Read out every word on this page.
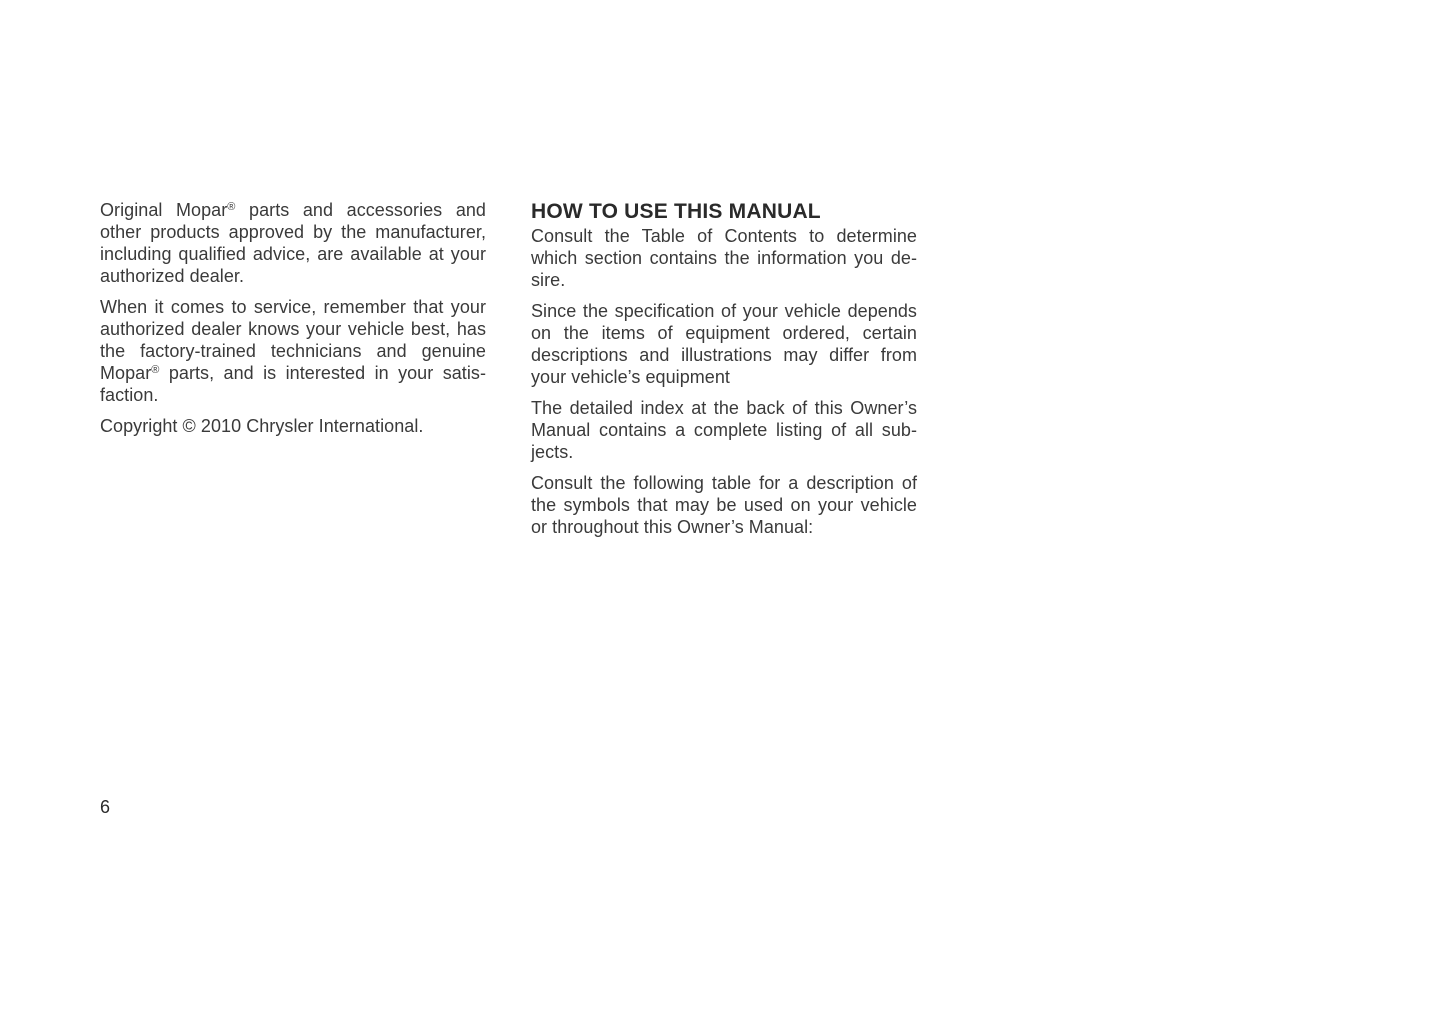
Original Mopar® parts and accessories and other products approved by the manufacturer, including qualified advice, are available at your authorized dealer.

When it comes to service, remember that your authorized dealer knows your vehicle best, has the factory-trained technicians and genuine Mopar® parts, and is interested in your satis-faction.

Copyright © 2010 Chrysler International.

HOW TO USE THIS MANUAL

Consult the Table of Contents to determine which section contains the information you de-sire.

Since the specification of your vehicle depends on the items of equipment ordered, certain descriptions and illustrations may differ from your vehicle’s equipment

The detailed index at the back of this Owner’s Manual contains a complete listing of all sub-jects.

Consult the following table for a description of the symbols that may be used on your vehicle or throughout this Owner’s Manual:

6
